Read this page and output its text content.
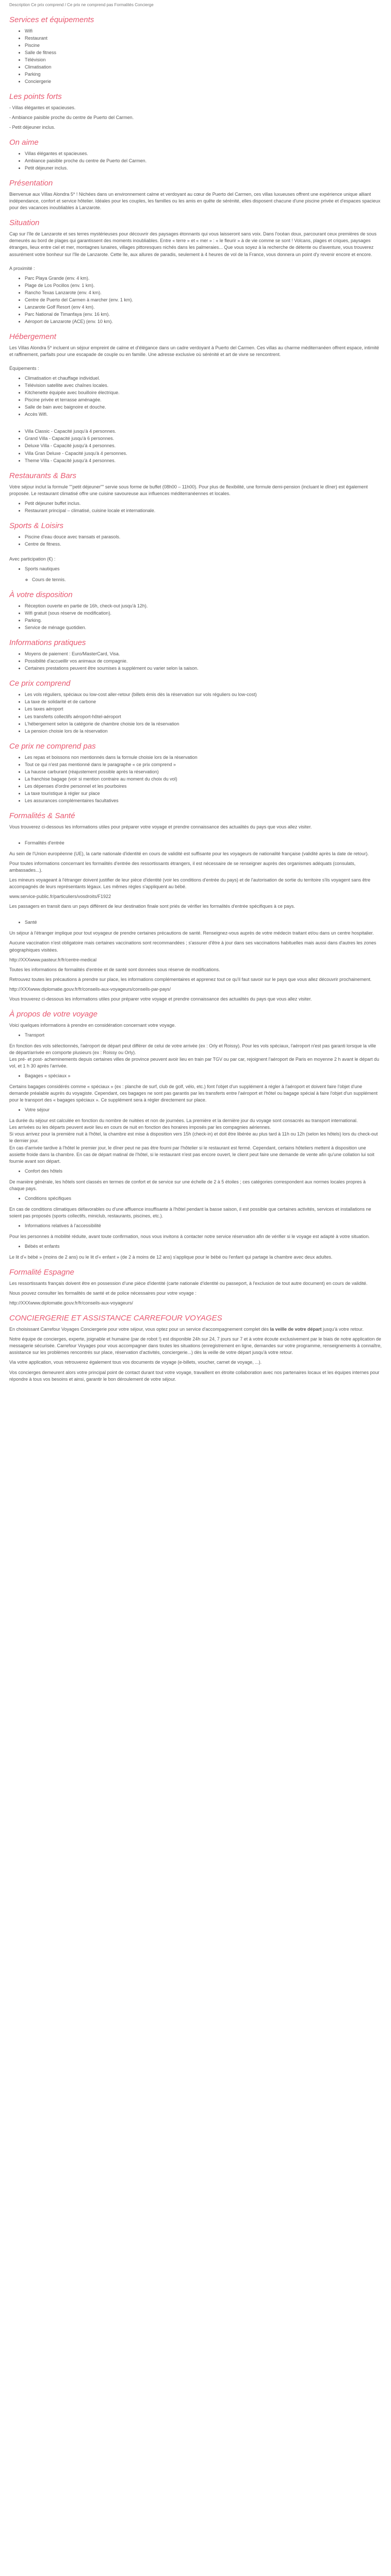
Description Ce prix comprend / Ce prix ne comprend pas Formalités Concierge

Services et équipements
• Wifi
• Restaurant
• Piscine
• Salle de fitness
• Télévision
• Climatisation
• Parking
• Conciergerie
Les points forts

- Villas élégantes et spacieuses.

- Ambiance paisible proche du centre de Puerto del Carmen.

- Petit déjeuner inclus.

On aime
• Villas élégantes et spacieuses.
• Ambiance paisible proche du centre de Puerto del Carmen.
• Petit déjeuner inclus.
Présentation

Bienvenue aux Villas Alondra 5* ! Nichées dans un environnement calme et verdoyant au cœur de Puerto del Carmen, ces villas luxueuses offrent une expérience unique alliant indépendance, confort et service hôtelier. Idéales pour les couples, les familles ou les amis en quête de sérénité, elles disposent chacune d'une piscine privée et d'espaces spacieux pour des vacances inoubliables à Lanzarote.

Situation

Cap sur l'île de Lanzarote et ses terres mystérieuses pour découvrir des paysages étonnants qui vous laisseront sans voix. Dans l'océan doux, parcourant ceux premières de sous demeurés au bord de plages qui garantissent des moments inoubliables. Entre « terre » et « mer » : « le fleurir » à de vie comme se sont ! Volcans, plages et criques, paysages étranges, lieux entre ciel et mer, montagnes lunaires, villages pittoresques nichés dans les palmeraies... Que vous soyez à la recherche de détente ou d'aventure, vous trouverez assurément votre bonheur sur l'île de Lanzarote. Cette île, aux allures de paradis, seulement à 4 heures de vol de la France, vous donnera un point d'y revenir encore et encore.

A proximité :

• Parc Playa Grande (env. 4 km).
• Plage de Los Pocillos (env. 1 km).
• Rancho Texas Lanzarote (env. 4 km).
• Centre de Puerto del Carmen à marcher (env. 1 km).
• Lanzarote Golf Resort (env 4 km).
• Parc National de Timanfaya (env. 16 km).
• Aéroport de Lanzarote (ACE) (env. 10 km).
Hébergement

Les Villas Alondra 5* incluent un séjour empreint de calme et d'élégance dans un cadre verdoyant à Puerto del Carmen. Ces villas au charme méditerranéen offrent espace, intimité et raffinement, parfaits pour une escapade de couple ou en famille. Une adresse exclusive où sérénité et art de vivre se rencontrent.

Équipements :

• Climatisation et chauffage individuel.
• Télévision satellite avec chaînes locales.
• Kitchenette équipée avec bouilloire électrique.
• Piscine privée et terrasse aménagée.
• Salle de bain avec baignoire et douche.
• Accès Wifi.
• Villa Classic - Capacité jusqu'à 4 personnes.
• Grand Villa - Capacité jusqu'à 6 personnes.
• Deluxe Villa - Capacité jusqu'à 4 personnes.
• Villa Gran Deluxe - Capacité jusqu'à 4 personnes.
• Theme Villa - Capacité jusqu'à 4 personnes.
Restaurants & Bars

Votre séjour inclut la formule ""petit déjeuner"" servie sous forme de buffet (08h00 – 11h00). Pour plus de flexibilité, une formule demi-pension (incluant le dîner) est également proposée. Le restaurant climatisé offre une cuisine savoureuse aux influences méditerranéennes et locales.

• Petit déjeuner buffet inclus.
• Restaurant principal – climatisé, cuisine locale et internationale.
Sports & Loisirs
• Piscine d'eau douce avec transats et parasols.
• Centre de fitness.

Avec participation (€) :

• Sports nautiques
◦ Cours de tennis.
À votre disposition
• Réception ouverte en partie de 16h, check-out jusqu'à 12h).
• Wifi gratuit (sous réserve de modification).
• Parking.
• Service de ménage quotidien.
Informations pratiques
• Moyens de paiement : Euro/MasterCard, Visa.
• Possibilité d'accueillir vos animaux de compagnie.
• Certaines prestations peuvent être soumises à supplément ou varier selon la saison.
Ce prix comprend
• Les vols réguliers, spéciaux ou low-cost aller-retour (billets émis dès la réservation sur vols réguliers ou low-cost)
• La taxe de solidarité et de carbone
• Les taxes aéroport
• Les transferts collectifs aéroport-hôtel-aéroport
• L'hébergement selon la catégorie de chambre choisie lors de la réservation
• La pension choisie lors de la réservation
Ce prix ne comprend pas
• Les repas et boissons non mentionnés dans la formule choisie lors de la réservation
• Tout ce qui n'est pas mentionné dans le paragraphe « ce prix comprend »
• La hausse carburant (réajustement possible après la réservation)
• La franchise bagage (voir si mention contraire au moment du choix du vol)
• Les dépenses d'ordre personnel et les pourboires
• La taxe touristique à régler sur place
• Les assurances complémentaires facultatives
Formalités & Santé

Vous trouverez ci-dessous les informations utiles pour préparer votre voyage et prendre connaissance des actualités du pays que vous allez visiter.

• Formalités d'entrée

Au sein de l'Union européenne (UE), la carte nationale d'identité en cours de validité est suffisante pour les voyageurs de nationalité française (validité après la date de retour).

Pour toutes informations concernant les formalités d'entrée des ressortissants étrangers, il est nécessaire de se renseigner auprès des organismes adéquats (consulats, ambassades...).

Les mineurs voyageant à l'étranger doivent justifier de leur pièce d'identité (voir les conditions d'entrée du pays) et de l'autorisation de sortie du territoire s'ils voyagent sans être accompagnés de leurs représentants légaux. Les mêmes règles s'appliquent au bébé.

www.service-public.fr/particuliers/vosdroits/F1922

Les passagers en transit dans un pays différent de leur destination finale sont priés de vérifier les formalités d'entrée spécifiques à ce pays.

• Santé

Un séjour à l'étranger implique pour tout voyageur de prendre certaines précautions de santé. Renseignez-vous auprès de votre médecin traitant et/ou dans un centre hospitalier.

Aucune vaccination n'est obligatoire mais certaines vaccinations sont recommandées ; s'assurer d'être à jour dans ses vaccinations habituelles mais aussi dans d'autres les zones géographiques visitées.

http://XXXwww.pasteur.fr/fr/centre-medical

Toutes les informations de formalités d'entrée et de santé sont données sous réserve de modifications.

Retrouvez toutes les précautions à prendre sur place, les informations complémentaires et apprenez tout ce qu'il faut savoir sur le pays que vous allez découvrir prochainement.

http://XXXwww.diplomatie.gouv.fr/fr/conseils-aux-voyageurs/conseils-par-pays/

Vous trouverez ci-dessous les informations utiles pour préparer votre voyage et prendre connaissance des actualités du pays que vous allez visiter.

À propos de votre voyage

Voici quelques informations à prendre en considération concernant votre voyage.

• Transport

En fonction des vols sélectionnés, l'aéroport de départ peut différer de celui de votre arrivée (ex : Orly et Roissy). Pour les vols spéciaux, l'aéroport n'est pas garanti lorsque la ville de départ/arrivée en comporte plusieurs (ex : Roissy ou Orly).
Les pré- et post- acheminements depuis certaines villes de province peuvent avoir lieu en train par TGV ou par car, rejoignent l'aéroport de Paris en moyenne 2 h avant le départ du vol, et 1 h 30 après l'arrivée.

• Bagages « spéciaux »

Certains bagages considérés comme « spéciaux » (ex : planche de surf, club de golf, vélo, etc.) font l'objet d'un supplément à régler à l'aéroport et doivent faire l'objet d'une demande préalable auprès du voyagiste. Cependant, ces bagages ne sont pas garantis par les transferts entre l'aéroport et l'hôtel ou bagage spécial à faire l'objet d'un supplément pour le transport des « bagages spéciaux ». Ce supplément sera à régler directement sur place.

• Votre séjour

La durée du séjour est calculée en fonction du nombre de nuitées et non de journées. La première et la dernière jour du voyage sont consacrés au transport international.
Les arrivées ou les départs peuvent avoir lieu en cours de nuit en fonction des horaires imposés par les compagnies aériennes.
Si vous arrivez pour la première nuit à l'hôtel, la chambre est mise à disposition vers 15h (check-in) et doit être libérée au plus tard à 11h ou 12h (selon les hôtels) lors du check-out le dernier jour.
En cas d'arrivée tardive à l'hôtel le premier jour, le dîner peut ne pas être fourni par l'hôtelier si le restaurant est fermé. Cependant, certains hôteliers mettent à disposition une assiette froide dans la chambre. En cas de départ matinal de l'hôtel, si le restaurant n'est pas encore ouvert, le client peut faire une demande de vente afin qu'une collation lui soit fournie avant son départ.

• Confort des hôtels

De manière générale, les hôtels sont classés en termes de confort et de service sur une échelle de 2 à 5 étoiles ; ces catégories correspondent aux normes locales propres à chaque pays.

• Conditions spécifiques

En cas de conditions climatiques défavorables ou d'une affluence insuffisante à l'hôtel pendant la basse saison, il est possible que certaines activités, services et installations ne soient pas proposés (sports collectifs, miniclub, restaurants, piscines, etc.).

• Informations relatives à l'accessibilité

Pour les personnes à mobilité réduite, avant toute confirmation, nous vous invitons à contacter notre service réservation afin de vérifier si le voyage est adapté à votre situation.

• Bébés et enfants

Le lit d'« bébé » (moins de 2 ans) ou le lit d'« enfant » (de 2 à moins de 12 ans) s'applique pour le bébé ou l'enfant qui partage la chambre avec deux adultes.

Formalité Espagne

Les ressortissants français doivent être en possession d'une pièce d'identité (carte nationale d'identité ou passeport, à l'exclusion de tout autre document) en cours de validité.

Nous pouvez consulter les formalités de santé et de police nécessaires pour votre voyage :

http://XXXwww.diplomatie.gouv.fr/fr/conseils-aux-voyageurs/

CONCIERGERIE ET ASSISTANCE CARREFOUR VOYAGES

En choisissant Carrefour Voyages Conciergerie pour votre séjour, vous optez pour un service d'accompagnement complet dès la veille de votre départ jusqu'à votre retour.

Notre équipe de concierges, experte, joignable et humaine (par de robot !) est disponible 24h sur 24, 7 jours sur 7 et à votre écoute exclusivement par le biais de notre application de messagerie sécurisée. Carrefour Voyages pour vous accompagner dans toutes les situations (enregistrement en ligne, demandes sur votre programme, renseignements à connaître, assistance sur les problèmes rencontrés sur place, réservation d'activités, conciergerie...) dès la veille de votre départ jusqu'à votre retour.

Via votre application, vous retrouverez également tous vos documents de voyage (e-billets, voucher, carnet de voyage, ...).

Vos concierges demeurent alors votre principal point de contact durant tout votre voyage, travaillent en étroite collaboration avec nos partenaires locaux et les équipes internes pour répondre à tous vos besoins et ainsi, garantir le bon déroulement de votre séjour.
